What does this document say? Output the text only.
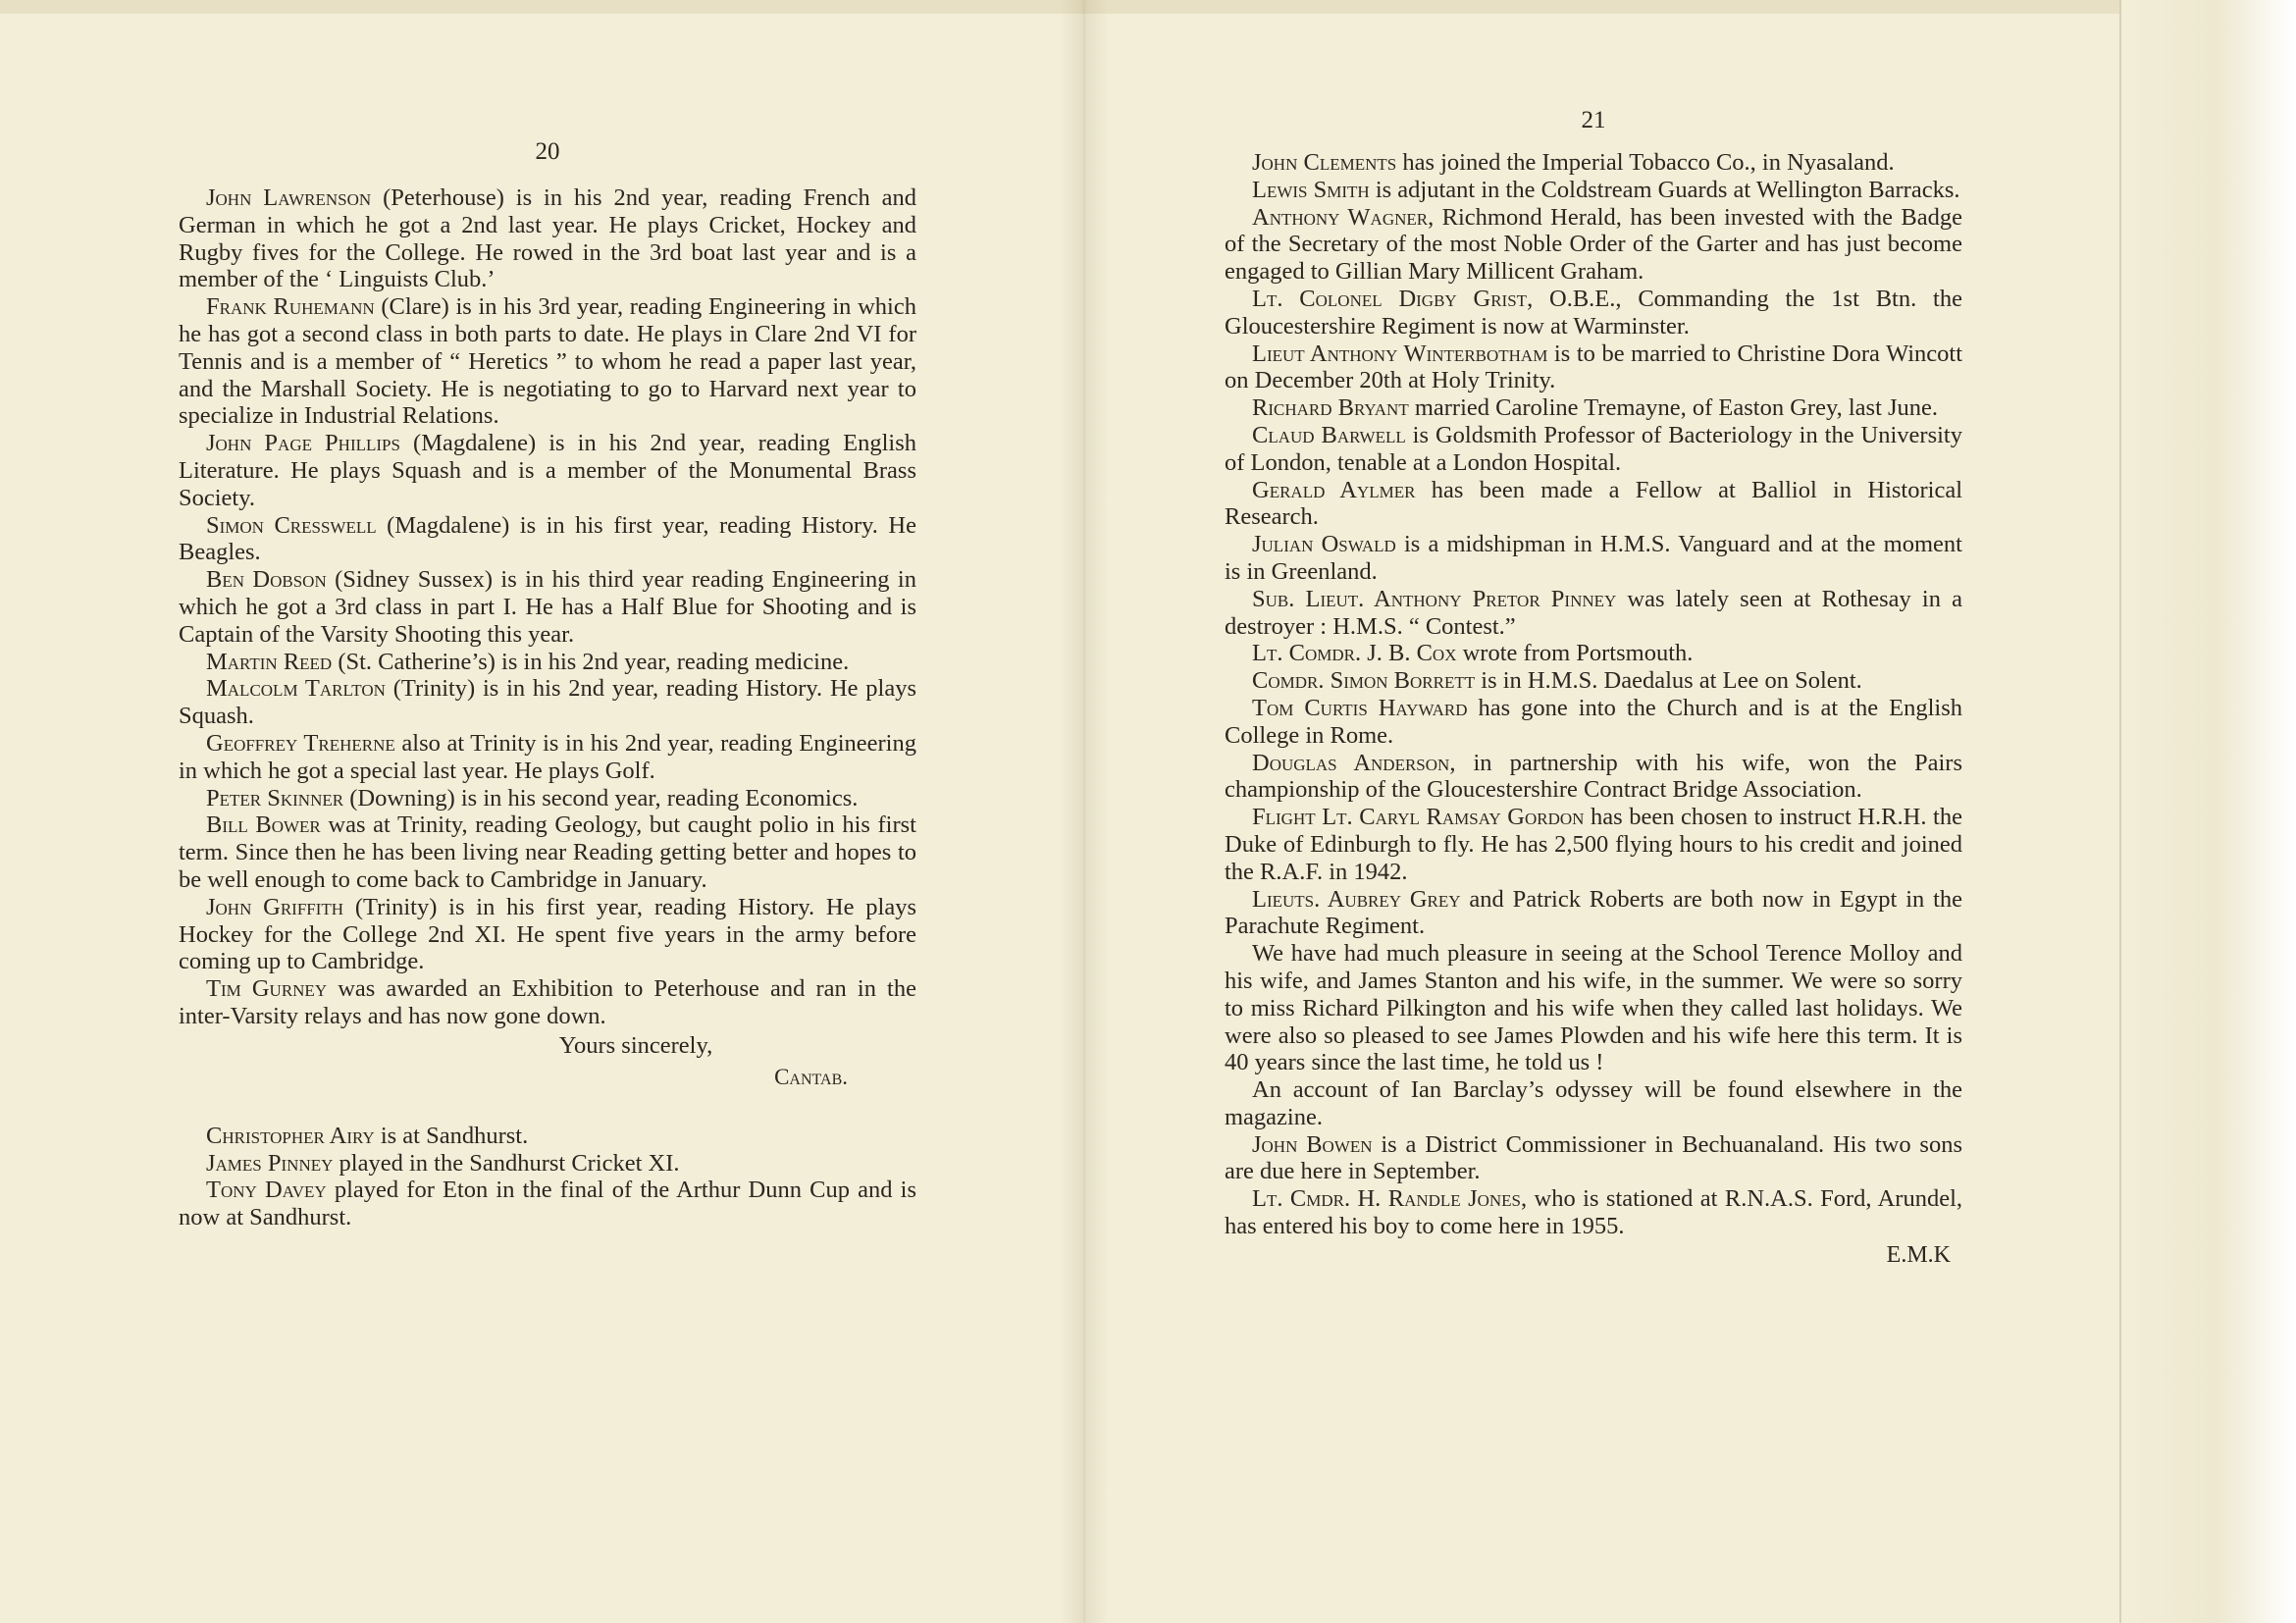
20

John Lawrenson (Peterhouse) is in his 2nd year, reading French and German in which he got a 2nd last year. He plays Cricket, Hockey and Rugby fives for the College. He rowed in the 3rd boat last year and is a member of the ‘ Linguists Club.’

Frank Ruhemann (Clare) is in his 3rd year, reading Engineering in which he has got a second class in both parts to date. He plays in Clare 2nd VI for Tennis and is a member of “ Heretics ” to whom he read a paper last year, and the Marshall Society. He is negotiating to go to Harvard next year to specialize in Industrial Relations.

John Page Phillips (Magdalene) is in his 2nd year, reading English Literature. He plays Squash and is a member of the Monumental Brass Society.

Simon Cresswell (Magdalene) is in his first year, reading History. He Beagles.

Ben Dobson (Sidney Sussex) is in his third year reading Engineering in which he got a 3rd class in part I. He has a Half Blue for Shooting and is Captain of the Varsity Shooting this year.

Martin Reed (St. Catherine’s) is in his 2nd year, reading medicine.

Malcolm Tarlton (Trinity) is in his 2nd year, reading History. He plays Squash.

Geoffrey Treherne also at Trinity is in his 2nd year, reading Engineering in which he got a special last year. He plays Golf.

Peter Skinner (Downing) is in his second year, reading Economics.

Bill Bower was at Trinity, reading Geology, but caught polio in his first term. Since then he has been living near Reading getting better and hopes to be well enough to come back to Cambridge in January.

John Griffith (Trinity) is in his first year, reading History. He plays Hockey for the College 2nd XI. He spent five years in the army before coming up to Cambridge.

Tim Gurney was awarded an Exhibition to Peterhouse and ran in the inter-Varsity relays and has now gone down.

Yours sincerely,
Cantab.

Christopher Airy is at Sandhurst.

James Pinney played in the Sandhurst Cricket XI.

Tony Davey played for Eton in the final of the Arthur Dunn Cup and is now at Sandhurst.

21

John Clements has joined the Imperial Tobacco Co., in Nyasaland.

Lewis Smith is adjutant in the Coldstream Guards at Wellington Barracks.

Anthony Wagner, Richmond Herald, has been invested with the Badge of the Secretary of the most Noble Order of the Garter and has just become engaged to Gillian Mary Millicent Graham.

Lt. Colonel Digby Grist, O.B.E., Commanding the 1st Btn. the Gloucestershire Regiment is now at Warminster.

Lieut Anthony Winterbotham is to be married to Christine Dora Wincott on December 20th at Holy Trinity.

Richard Bryant married Caroline Tremayne, of Easton Grey, last June.

Claud Barwell is Goldsmith Professor of Bacteriology in the University of London, tenable at a London Hospital.

Gerald Aylmer has been made a Fellow at Balliol in Historical Research.

Julian Oswald is a midshipman in H.M.S. Vanguard and at the moment is in Greenland.

Sub. Lieut. Anthony Pretor Pinney was lately seen at Rothesay in a destroyer : H.M.S. “ Contest.”

Lt. Comdr. J. B. Cox wrote from Portsmouth.

Comdr. Simon Borrett is in H.M.S. Daedalus at Lee on Solent.

Tom Curtis Hayward has gone into the Church and is at the English College in Rome.

Douglas Anderson, in partnership with his wife, won the Pairs championship of the Gloucestershire Contract Bridge Association.

Flight Lt. Caryl Ramsay Gordon has been chosen to instruct H.R.H. the Duke of Edinburgh to fly. He has 2,500 flying hours to his credit and joined the R.A.F. in 1942.

Lieuts. Aubrey Grey and Patrick Roberts are both now in Egypt in the Parachute Regiment.

We have had much pleasure in seeing at the School Terence Molloy and his wife, and James Stanton and his wife, in the summer. We were so sorry to miss Richard Pilkington and his wife when they called last holidays. We were also so pleased to see James Plowden and his wife here this term. It is 40 years since the last time, he told us !

An account of Ian Barclay’s odyssey will be found elsewhere in the magazine.

John Bowen is a District Commissioner in Bechuanaland. His two sons are due here in September.

Lt. Cmdr. H. Randle Jones, who is stationed at R.N.A.S. Ford, Arundel, has entered his boy to come here in 1955.

E.M.K
